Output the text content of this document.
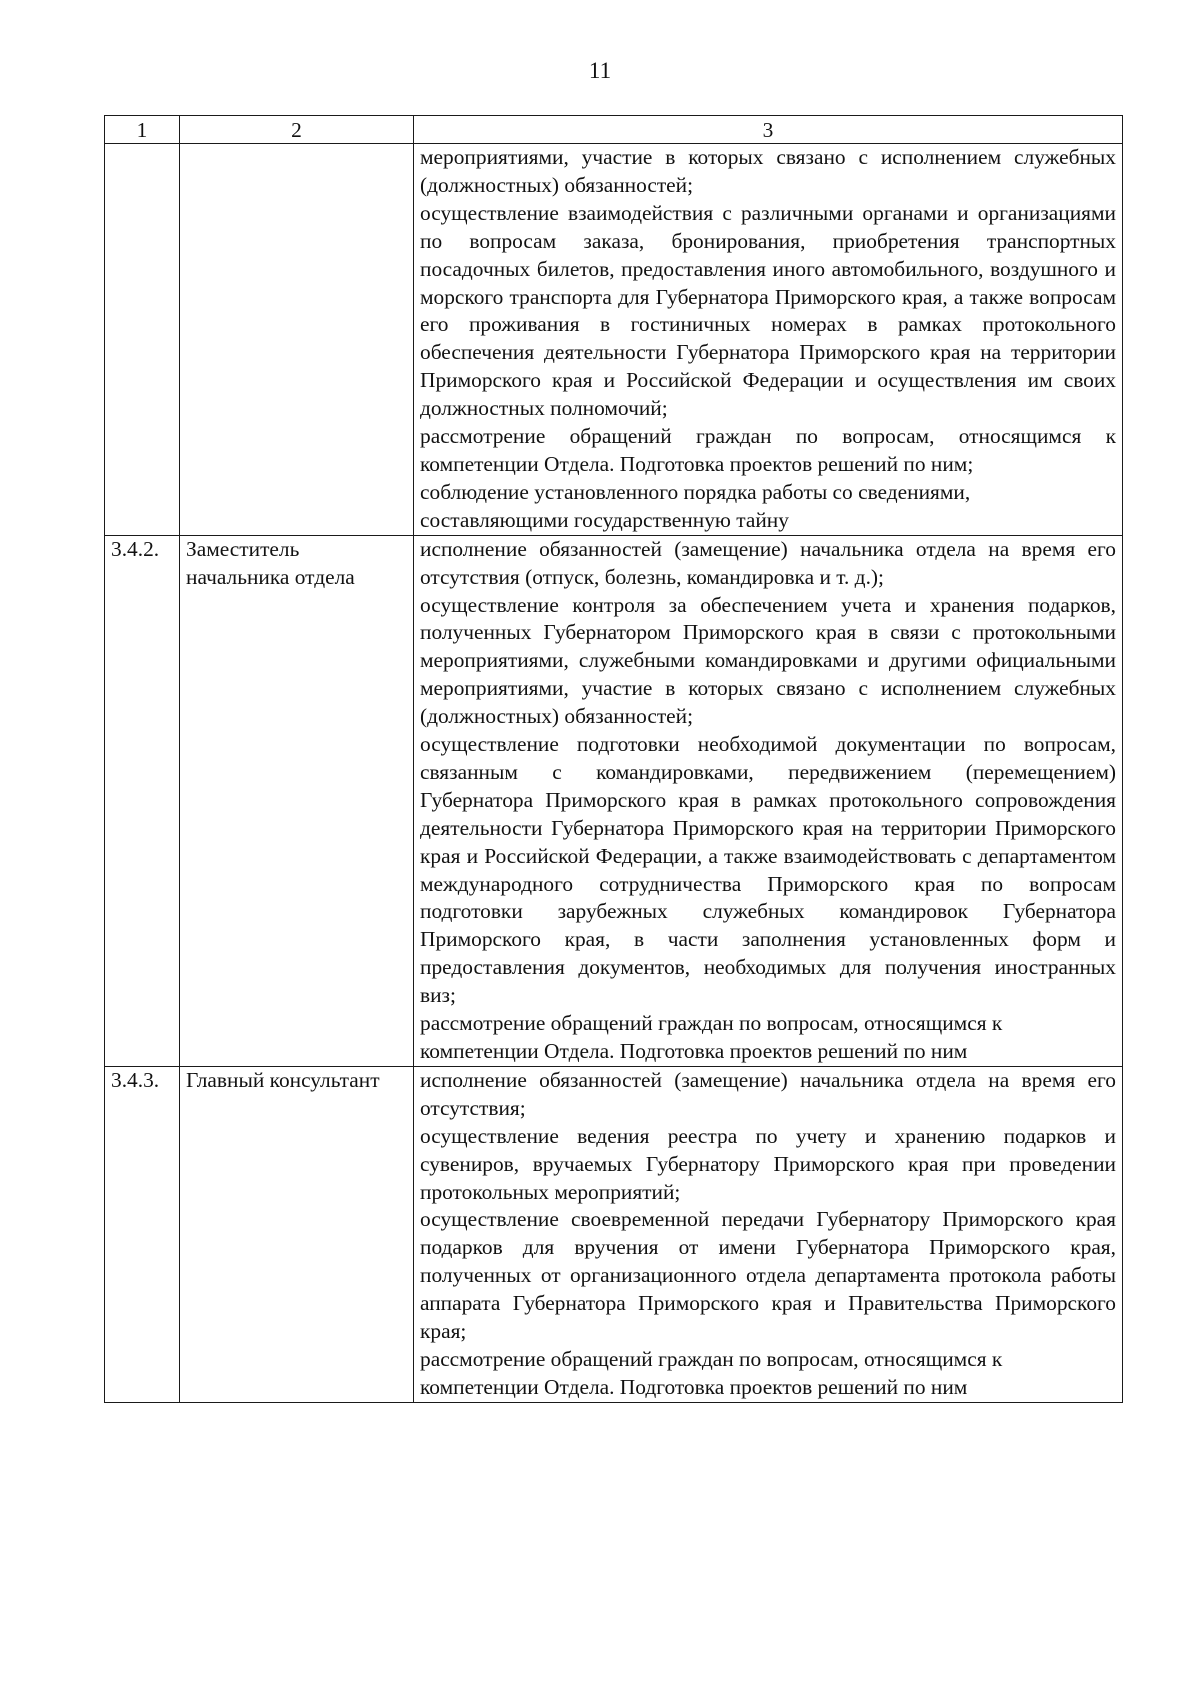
11
1	2	3

		мероприятиями, участие в которых связано с исполнением служебных (должностных) обязанностей;
осуществление взаимодействия с различными органами и организациями по вопросам заказа, бронирования, приобретения транспортных посадочных билетов, предоставления иного автомобильного, воздушного и морского транспорта для Губернатора Приморского края, а также вопросам его проживания в гостиничных номерах в рамках протокольного обеспечения деятельности Губернатора Приморского края на территории Приморского края и Российской Федерации и осуществления им своих должностных полномочий;
рассмотрение обращений граждан по вопросам, относящимся к компетенции Отдела. Подготовка проектов решений по ним;
соблюдение установленного порядка работы со сведениями, составляющими государственную тайну

3.4.2.	Заместитель начальника отдела	исполнение обязанностей (замещение) начальника отдела на время его отсутствия (отпуск, болезнь, командировка и т. д.);
осуществление контроля за обеспечением учета и хранения подарков, полученных Губернатором Приморского края в связи с протокольными мероприятиями, служебными командировками и другими официальными мероприятиями, участие в которых связано с исполнением служебных (должностных) обязанностей;
осуществление подготовки необходимой документации по вопросам, связанным с командировками, передвижением (перемещением) Губернатора Приморского края в рамках протокольного сопровождения деятельности Губернатора Приморского края на территории Приморского края и Российской Федерации, а также взаимодействовать с департаментом международного сотрудничества Приморского края по вопросам подготовки зарубежных служебных командировок Губернатора Приморского края, в части заполнения установленных форм и предоставления документов, необходимых для получения иностранных виз;
рассмотрение обращений граждан по вопросам, относящимся к компетенции Отдела. Подготовка проектов решений по ним

3.4.3.	Главный консультант	исполнение обязанностей (замещение) начальника отдела на время его отсутствия;
осуществление ведения реестра по учету и хранению подарков и сувениров, вручаемых Губернатору Приморского края при проведении протокольных мероприятий;
осуществление своевременной передачи Губернатору Приморского края подарков для вручения от имени Губернатора Приморского края, полученных от организационного отдела департамента протокола работы аппарата Губернатора Приморского края и Правительства Приморского края;
рассмотрение обращений граждан по вопросам, относящимся к компетенции Отдела. Подготовка проектов решений по ним
